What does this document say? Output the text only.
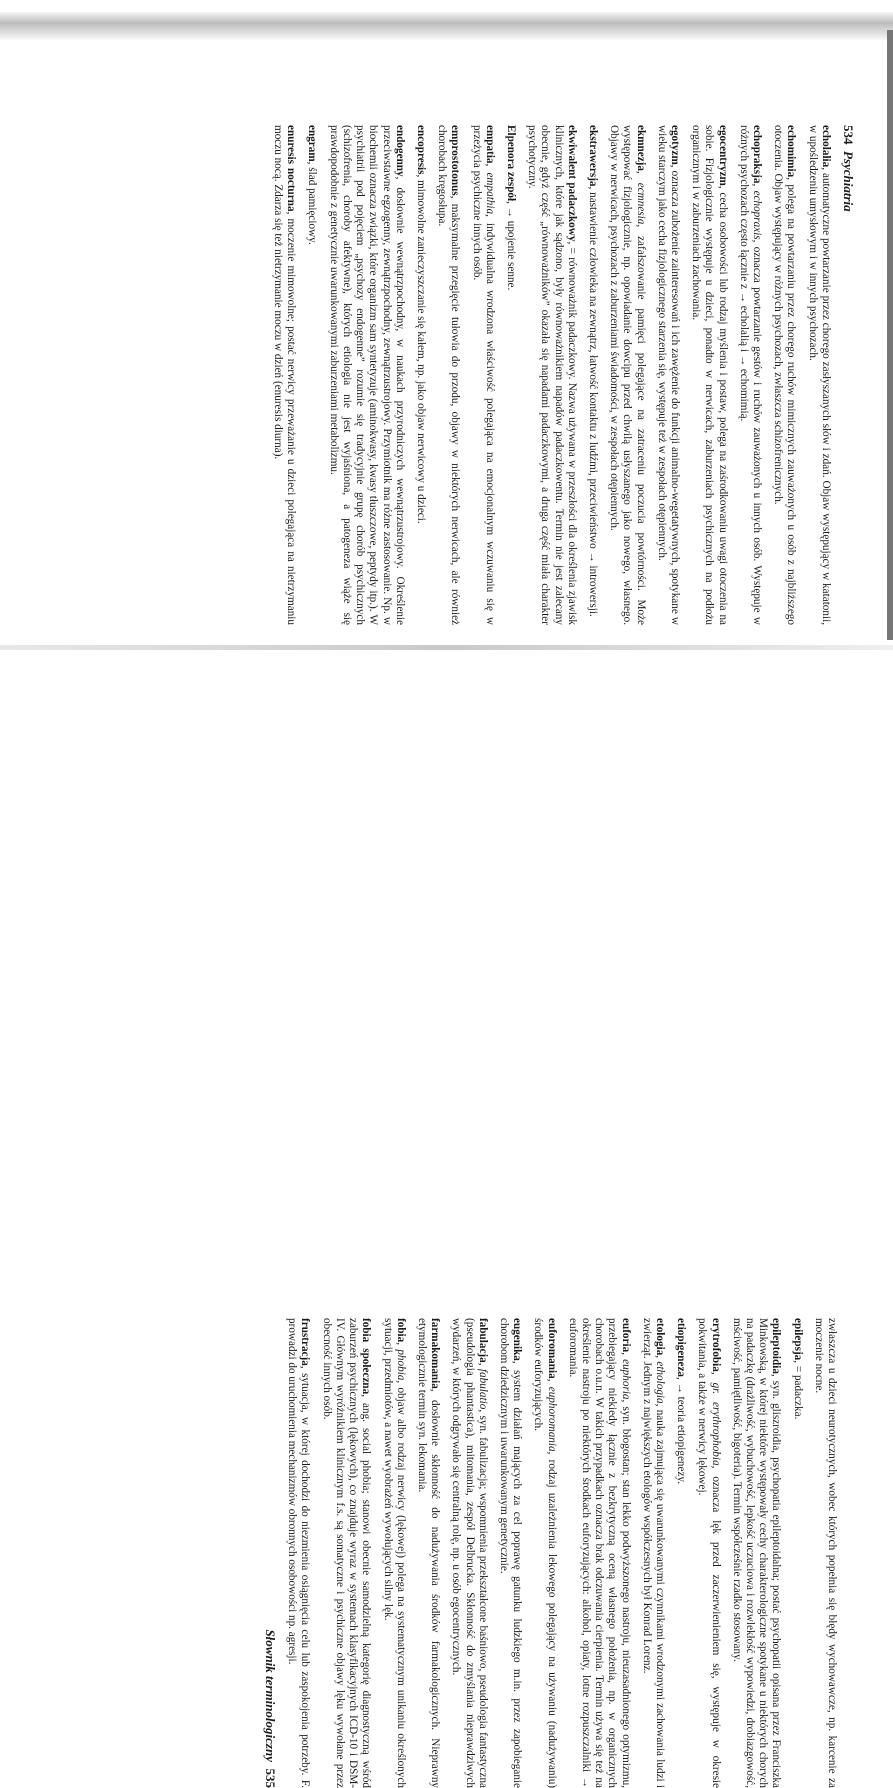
534  Psychiatria

echolalia, automatyczne powtarzanie przez chorego zasłyszanych słów i zdań. Objaw występujący w katatonii, w upośledzeniu umysłowym i w innych psychozach.

echomimia, polega na powtarzaniu przez chorego ruchów mimicznych zauważonych u osób z najbliższego otoczenia. Objaw występujący w różnych psychozach, zwłaszcza schizofrenicznych.

echopraksja, echopraxis, oznacza powtarzanie gestów i ruchów zauważonych u innych osób. Występuje w różnych psychozach często łącznie z → echolalią i → echomimią.

egocentryzm, cecha osobowości lub rodzaj myślenia i postaw, polega na zaśrodkowaniu uwagi otoczenia na sobie. Fizjologicznie występuje u dzieci, ponadto w nerwicach, zaburzeniach psychicznych na podłożu organicznym i w zaburzeniach zachowania.

egotyzm, oznacza zubożenie zainteresowań i ich zawężenie do funkcji animalno-wegetatywnych, spotykane w wieku starczym jako cecha fizjologicznego starzenia się, występuje też w zespołach otępiennych.

ekmnezja, ecmnesia, zafałszowanie pamięci polegające na zatraceniu poczucia powtórności. Może występować fizjologicznie, np. opowiadanie dowcipu przed chwilą usłyszanego jako nowego, własnego. Objawy w nerwicach, psychozach z zaburzeniami świadomości, w zespołach otępiennych.

ekstrawersja, nastawienie człowieka na zewnątrz, łatwość kontaktu z ludźmi, przeciwieństwo → introwersji.

ekwiwalent padaczkowy, = równoważnik padaczkowy. Nazwa używana w przeszłości dla określenia zjawisk klinicznych, które jak sądzono, były równoważnikiem napadów padaczkowentu. Termin nie jest zalecany obecnie, gdyż część „równoważników” okazała się napadami padaczkowymi, a druga część miała charakter psychotyczny.

Elpenora zespół, → upojenie senne.

empatia, empathia, indywidualna wrodzona właściwość polegająca na emocjonalnym wczuwaniu się w przeżycia psychiczne innych osób.

emprostotonus, maksymalne przegięcie tułowia do przodu, objawy w niektórych nerwicach, ale również chorobach kręgosłupa.

encopresis, mimowolne zanieczyszczanie się kałem, np. jako objaw nerwicowy u dzieci.

endogenny, dosłownie wewnątrzpochodny, w naukach przyrodniczych wewnątrzustrojowy. Określenie przeciwstawne egzogenny, zewnątrzpochodny, zewnątrzustrojowy. Przymiotnik ma różne zastosowanie. Np. w biochemii oznacza związki, które organizm sam syntetyzuje (aminokwasy, kwasy tłuszczowe, peptydy itp.). W psychiatrii pod pojęciem „psychozy endogenne” rozumie się tradycyjnie grupę chorób psychicznych (schizofrenia, choroby afektywne), których etiologia nie jest wyjaśniona, a patogeneza wiąże się prawdopodobnie z genetycznie uwarunkowanymi zaburzeniami metabolizmu.

engram, ślad pamięciowy.

enuresis nocturna, moczenie mimowolne; postać nerwicy przeważanie u dzieci polegająca na nietrzymaniu moczu nocą. Zdarza się też nietrzymanie moczu w dzień (enuresis diurna).

zwłaszcza u dzieci neurotycznych, wobec których popełnia się błędy wychowawcze, np. karcenie za moczenie nocne.

epilepsja, = padaczka.

epileptoidia, syn. gliszroidia, psychopatia epileptoidalna; postać psychopatii opisana przez Franciszka Minkowską, w której niektóre występowały cechy charakterologiczne spotykane u niektórych chorych na padaczkę (drażliwość, wybuchowość, lepkość uczuciowa i rozwlekłość wypowiedzi, drobiazgowość, mściwość, pamiętliwość, bigoteria). Termin współcześnie rzadko stosowany.

erytrofobia, gr. erythrophobia, oznacza lęk przed zaczerwienieniem się, występuje w okresie pokwitania, a także w nerwicy lękowej.

etiopigeneza, → teoria etiopigenezy.

etologia, ethologia, nauka zajmująca się uwarunkowanymi czynnikami wrodzonymi zachowania ludzi i zwierząt. Jednym z największych etologów współczesnych był Konrad Lorenz.

euforia, euphoria, syn. błogostan; stan lekko podwyższonego nastroju, nieuzasadnionego optymizmu, przebiegający niekiedy łącznie z bezkrytyczną oceną własnego położenia, np. w organicznych chorobach o.u.n. W takich przypadkach oznacza brak odczuwania cierpienia. Termin używa się też na określenie nastroju po niektórych środkach euforyzujących: alkohol, opiaty, lotne rozpuszczalniki → euforomania.

euforomania, euphoromania, rodzaj uzależnienia lekowego polegający na używaniu (nadużywaniu) środków euforyzujących.

eugenika, system działań mających za cel poprawę gatunku ludzkiego m.in. przez zapobieganie chorobom dziedzicznym i uwarunkowanym genetycznie.

fabulacja, fabulatio, syn. fabulizacja; wspomnienia przekształcone baśniowo, pseudologia fantastyczna (pseudologia phantastica), mitomania, zespół Delbrucka. Skłonność do zmyślania nieprawdziwych wydarzeń, w których odgrywało się centralną rolę, np. u osób egocentrycznych.

farmakomania, dosłownie skłonność do nadużywania środków farmakologicznych. Nieprawny etymologicznie termin syn. lekomania.

fobia, phobia, objaw albo rodzaj nerwicy (lękowej) polega na systematycznym unikaniu określonych sytuacji, przedmiotów, a nawet wyobrażeń wywołujących silny lęk.

fobia społeczna, ang. social phobia; stanowi obecnie samodzielną kategorię diagnostyczną wśród zaburzeń psychicznych (lękowych), co znajduje wyraz w systemach klasyfikacyjnych ICD-10 i DSM-IV. Głównym wyróżnikiem klinicznym f.s. są somatyczne i psychiczne objawy lęku wywołane przez obecność innych osób.

frustracja, sytuacja, w której dochodzi do niezmienia osiągnięcia celu lub zaspokojenia potrzeby. F. prowadzi do uruchomienia mechanizmów obronnych osobowości np. agresji.

Słownik terminologiczny  535
